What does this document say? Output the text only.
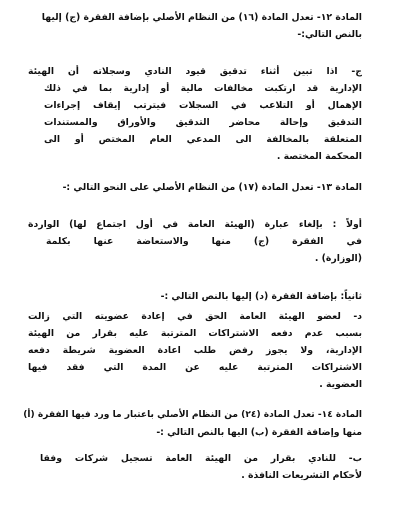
المادة ١٢- تعدل المادة (١٦) من النظام الأصلي بإضافة الفقرة (ج) إليها

بالنص التالي:-

ج- اذا تبين أثناء تدقيق قيود النادي وسجلاته أن الهيئة

الإدارية قد ارتكبت مخالفات مالية أو إدارية بما في ذلك

الإهمال أو التلاعب في السجلات فيترتب إيقاف إجراءات

التدقيق وإحالة محاضر التدقيق والأوراق والمستندات

المتعلقة بالمخالفة الى المدعي العام المختص أو الى

المحكمة المختصة .

المادة ١٣- تعدل المادة (١٧) من النظام الأصلي على النحو التالي :-

أولاً : بإلغاء عبارة (الهيئة العامة في أول اجتماع لها) الواردة

في الفقرة (ج) منها والاستعاضة عنها بكلمة

(الوزارة) .

ثانياً: بإضافة الفقرة (د) إليها بالنص التالي :-

د- لعضو الهيئة العامة الحق في إعادة عضويته التي زالت

بسبب عدم دفعه الاشتراكات المترتبة عليه بقرار من الهيئة

الإدارية، ولا يجوز رفض طلب اعادة العضوية شريطة دفعه

الاشتراكات المترتبة عليه عن المدة التي فقد فيها

العضوية .

المادة ١٤- تعدل المادة (٢٤) من النظام الأصلي باعتبار ما ورد فيها الفقرة (أ)

منها وإضافة الفقرة (ب) اليها بالنص التالي :-

ب- للنادي بقرار من الهيئة العامة تسجيل شركات وفقا

لأحكام التشريعات النافذة .
